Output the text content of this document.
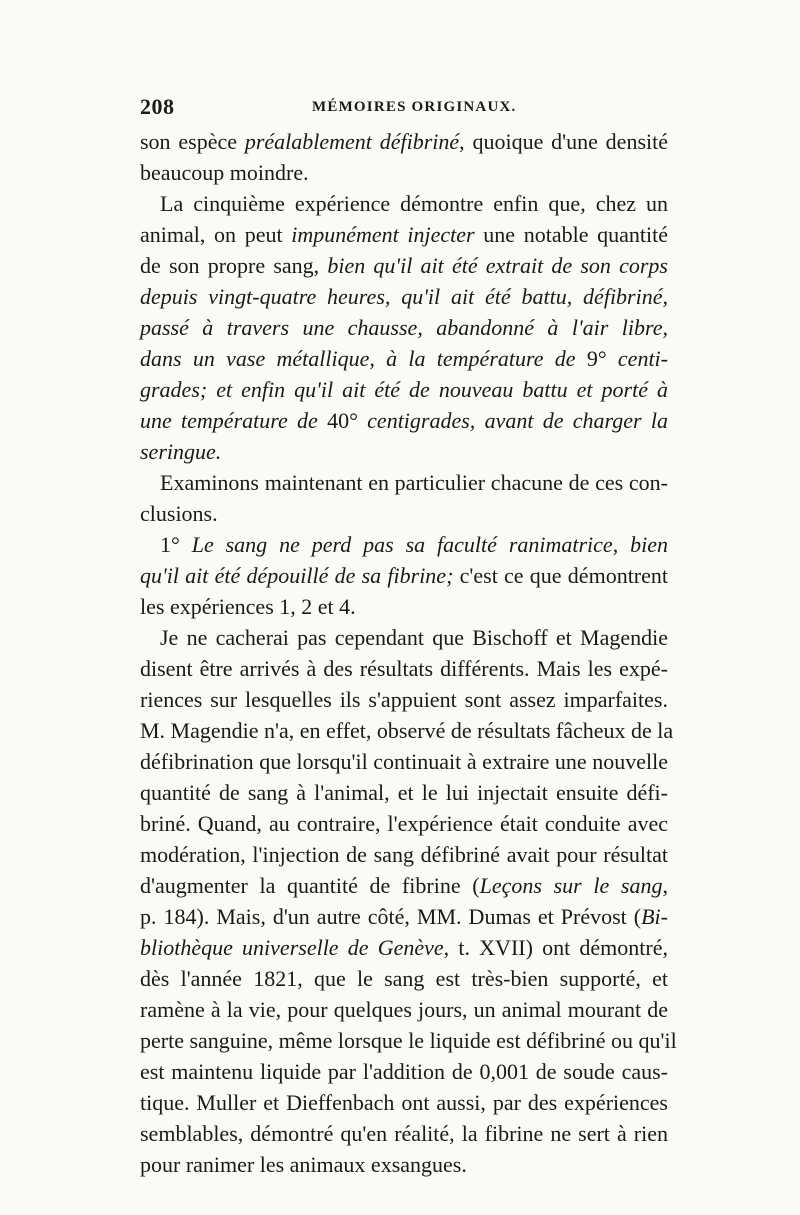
208	MÉMOIRES ORIGINAUX.
son espèce préalablement défibriné, quoique d'une densité
beaucoup moindre.
La cinquième expérience démontre enfin que, chez un
animal, on peut impunément injecter une notable quantité
de son propre sang, bien qu'il ait été extrait de son corps
depuis vingt-quatre heures, qu'il ait été battu, défibriné,
passé à travers une chausse, abandonné à l'air libre,
dans un vase métallique, à la température de 9° centi-
grades; et enfin qu'il ait été de nouveau battu et porté à
une température de 40° centigrades, avant de charger la
seringue.
Examinons maintenant en particulier chacune de ces con-
clusions.
1° Le sang ne perd pas sa faculté ranimatrice, bien
qu'il ait été dépouillé de sa fibrine; c'est ce que démontrent
les expériences 1, 2 et 4.
Je ne cacherai pas cependant que Bischoff et Magendie
disent être arrivés à des résultats différents. Mais les expé-
riences sur lesquelles ils s'appuient sont assez imparfaites.
M. Magendie n'a, en effet, observé de résultats fâcheux de la
défibrination que lorsqu'il continuait à extraire une nouvelle
quantité de sang à l'animal, et le lui injectait ensuite défi-
briné. Quand, au contraire, l'expérience était conduite avec
modération, l'injection de sang défibriné avait pour résultat
d'augmenter la quantité de fibrine (Leçons sur le sang,
p. 184). Mais, d'un autre côté, MM. Dumas et Prévost (Bi-
bliothèque universelle de Genève, t. XVII) ont démontré,
dès l'année 1821, que le sang est très-bien supporté, et
ramène à la vie, pour quelques jours, un animal mourant de
perte sanguine, même lorsque le liquide est défibriné ou qu'il
est maintenu liquide par l'addition de 0,001 de soude caus-
tique. Muller et Dieffenbach ont aussi, par des expériences
semblables, démontré qu'en réalité, la fibrine ne sert à rien
pour ranimer les animaux exsangues.
